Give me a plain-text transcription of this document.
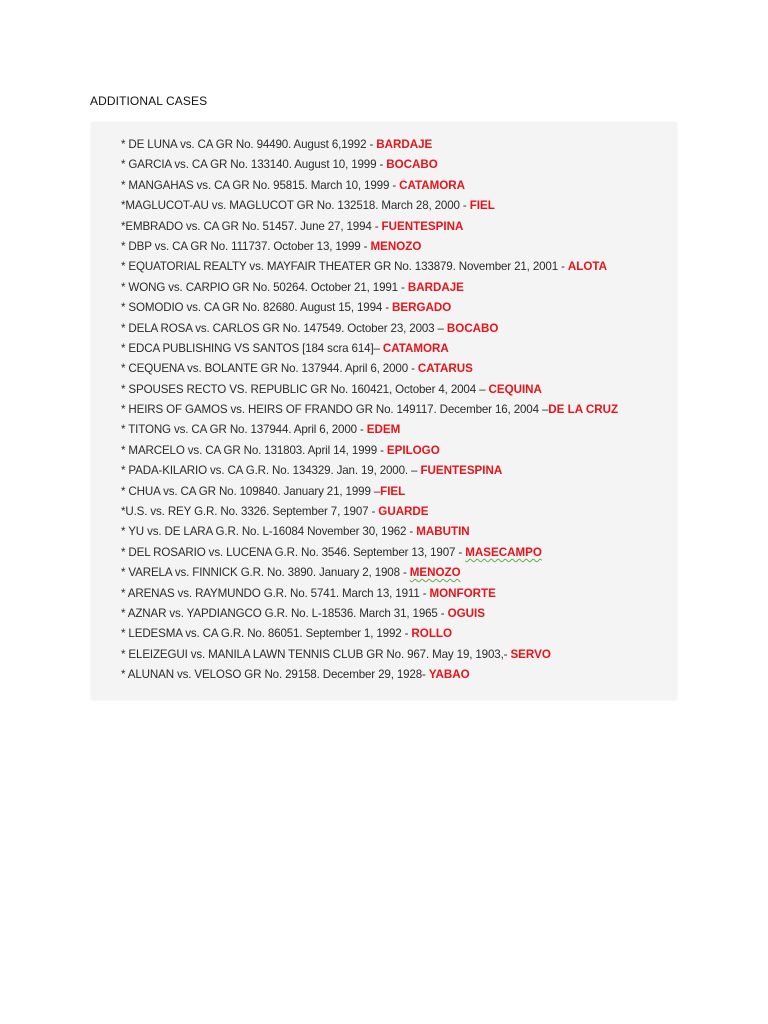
ADDITIONAL CASES
* DE LUNA vs. CA GR No. 94490. August 6,1992 - BARDAJE
* GARCIA vs. CA GR No. 133140. August 10, 1999 - BOCABO
* MANGAHAS vs. CA GR No. 95815. March 10, 1999 - CATAMORA
*MAGLUCOT-AU vs. MAGLUCOT GR No. 132518. March 28, 2000 - FIEL
*EMBRADO vs. CA GR No. 51457. June 27, 1994 - FUENTESPINA
* DBP vs. CA GR No. 111737. October 13, 1999 - MENOZO
* EQUATORIAL REALTY vs. MAYFAIR THEATER GR No. 133879. November 21, 2001 - ALOTA
* WONG vs. CARPIO GR No. 50264. October 21, 1991 - BARDAJE
* SOMODIO vs. CA GR No. 82680. August 15, 1994 - BERGADO
* DELA ROSA vs. CARLOS GR No. 147549. October 23, 2003 – BOCABO
* EDCA PUBLISHING VS SANTOS [184 scra 614]– CATAMORA
* CEQUENA vs. BOLANTE GR No. 137944. April 6, 2000 - CATARUS
* SPOUSES RECTO VS. REPUBLIC GR No. 160421, October 4, 2004 – CEQUINA
* HEIRS OF GAMOS vs. HEIRS OF FRANDO GR No. 149117. December 16, 2004 –DE LA CRUZ
* TITONG vs. CA GR No. 137944. April 6, 2000 - EDEM
* MARCELO vs. CA GR No. 131803. April 14, 1999 - EPILOGO
* PADA-KILARIO vs. CA G.R. No. 134329. Jan. 19, 2000. – FUENTESPINA
* CHUA vs. CA GR No. 109840. January 21, 1999 –FIEL
*U.S. vs. REY G.R. No. 3326. September 7, 1907 - GUARDE
* YU vs. DE LARA G.R. No. L-16084 November 30, 1962 - MABUTIN
* DEL ROSARIO vs. LUCENA G.R. No. 3546. September 13, 1907 - MASECAMPO
* VARELA vs. FINNICK G.R. No. 3890. January 2, 1908 - MENOZO
* ARENAS vs. RAYMUNDO G.R. No. 5741. March 13, 1911 - MONFORTE
* AZNAR vs. YAPDIANGCO G.R. No. L-18536. March 31, 1965 - OGUIS
* LEDESMA vs. CA G.R. No. 86051. September 1, 1992 - ROLLO
* ELEIZEGUI vs. MANILA LAWN TENNIS CLUB GR No. 967. May 19, 1903,- SERVO
* ALUNAN vs. VELOSO GR No. 29158. December 29, 1928- YABAO
